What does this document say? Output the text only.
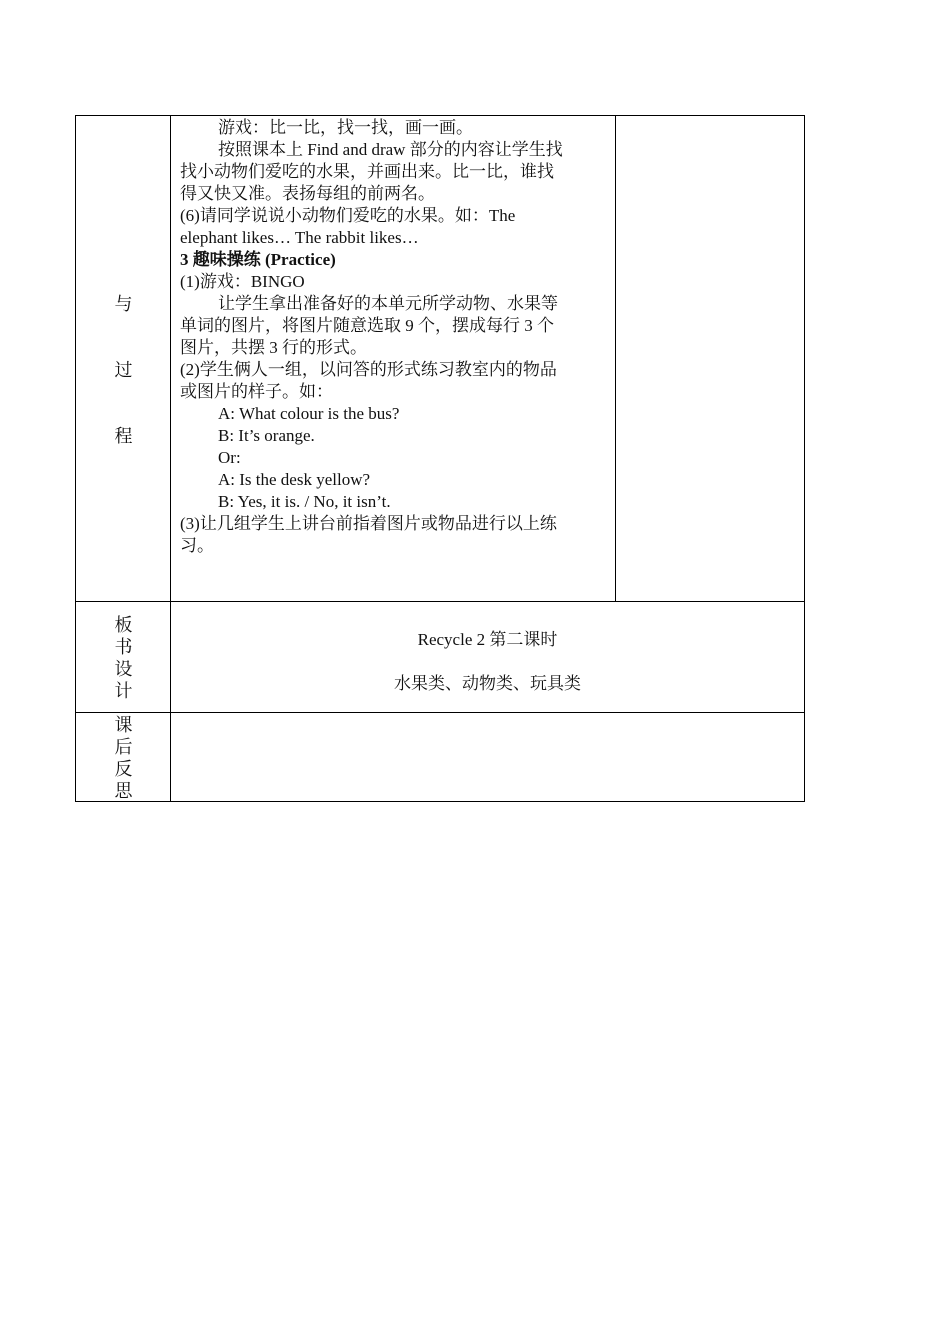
与
过
程
板
书
设
计
课
后
反
思
游戏：比一比，找一找，画一画。
按照课本上 Find and draw 部分的内容让学生找
找小动物们爱吃的水果，并画出来。比一比，谁找
得又快又准。表扬每组的前两名。
(6)请同学说说小动物们爱吃的水果。如：The
elephant likes… The rabbit likes…
3 趣味操练 (Practice)
(1)游戏：BINGO
让学生拿出准备好的本单元所学动物、水果等
单词的图片，将图片随意选取 9 个，摆成每行 3 个
图片，共摆 3 行的形式。
(2)学生俩人一组，以问答的形式练习教室内的物品
或图片的样子。如：
A: What colour is the bus?
B: It’s orange.
Or:
A: Is the desk yellow?
B: Yes, it is. / No, it isn’t.
(3)让几组学生上讲台前指着图片或物品进行以上练
习。
Recycle 2 第二课时
水果类、动物类、玩具类
